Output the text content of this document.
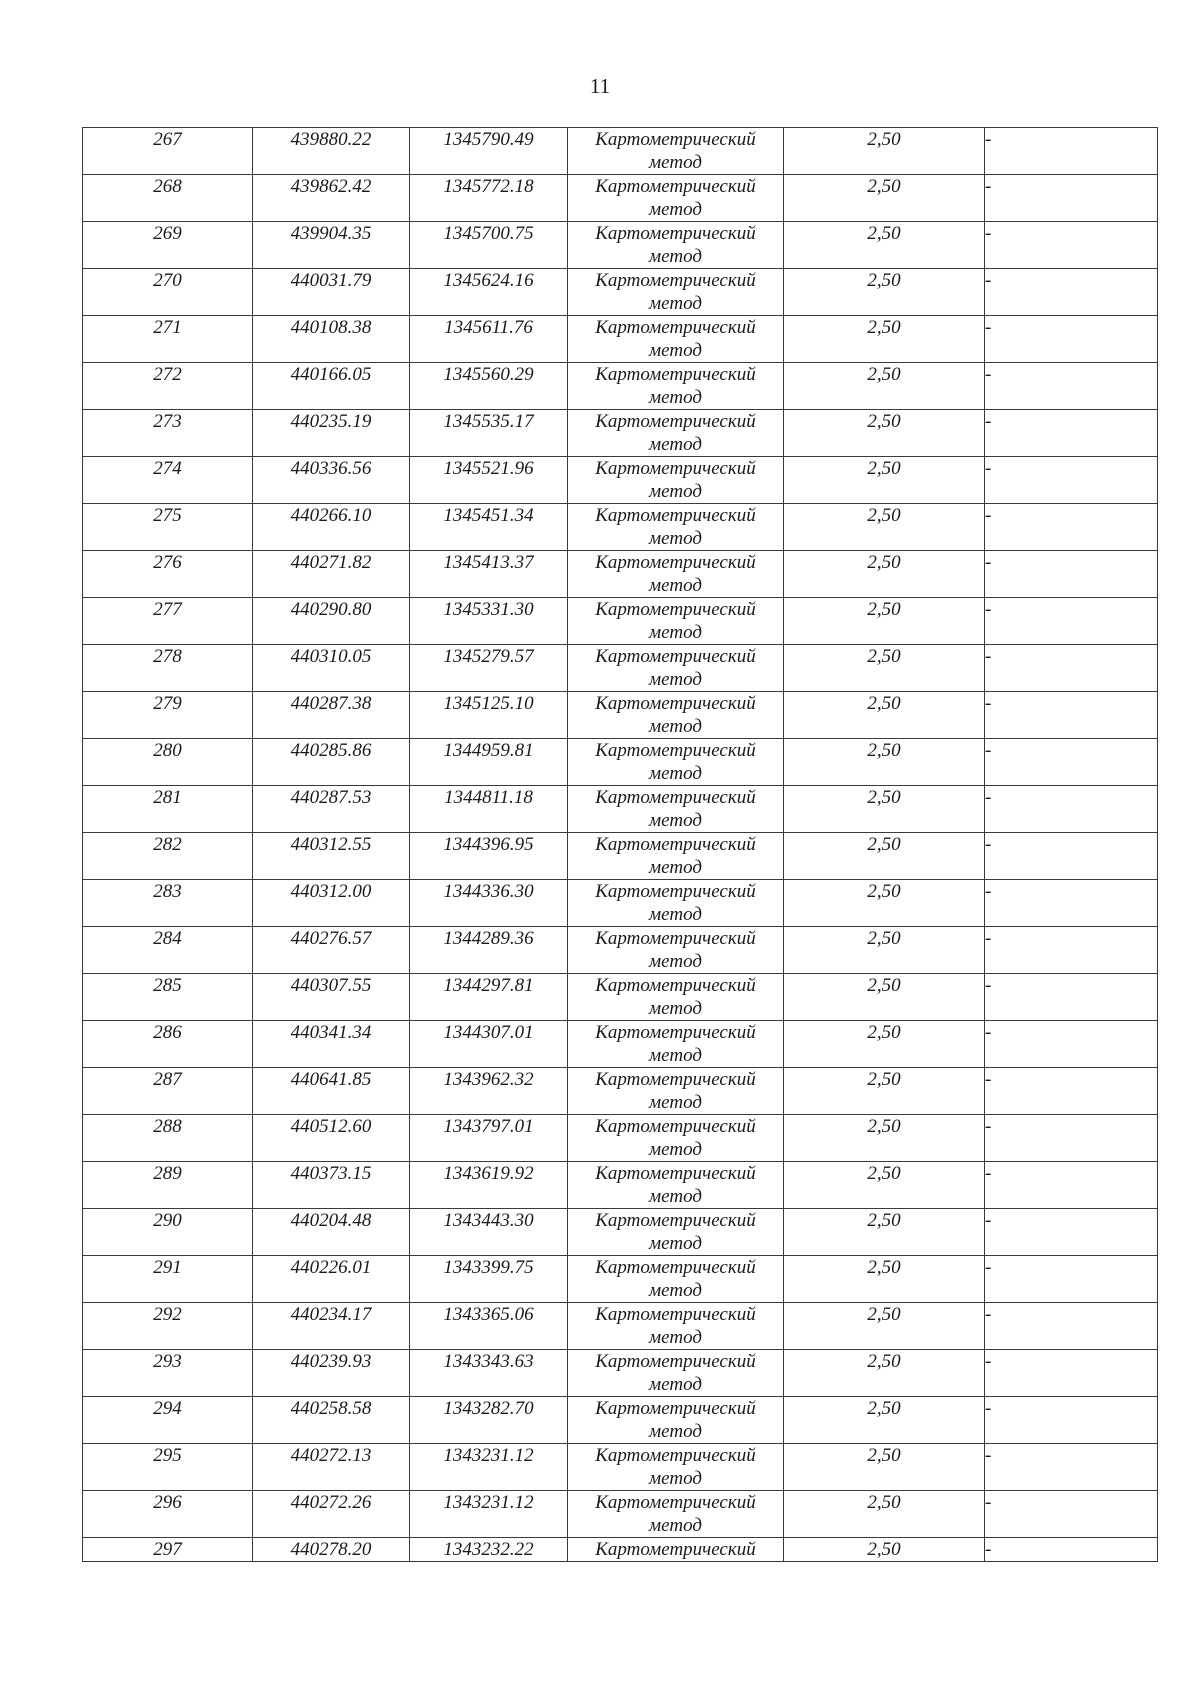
11
267	439880.22	1345790.49	Картометрический метод	2,50	-
268	439862.42	1345772.18	Картометрический метод	2,50	-
269	439904.35	1345700.75	Картометрический метод	2,50	-
270	440031.79	1345624.16	Картометрический метод	2,50	-
271	440108.38	1345611.76	Картометрический метод	2,50	-
272	440166.05	1345560.29	Картометрический метод	2,50	-
273	440235.19	1345535.17	Картометрический метод	2,50	-
274	440336.56	1345521.96	Картометрический метод	2,50	-
275	440266.10	1345451.34	Картометрический метод	2,50	-
276	440271.82	1345413.37	Картометрический метод	2,50	-
277	440290.80	1345331.30	Картометрический метод	2,50	-
278	440310.05	1345279.57	Картометрический метод	2,50	-
279	440287.38	1345125.10	Картометрический метод	2,50	-
280	440285.86	1344959.81	Картометрический метод	2,50	-
281	440287.53	1344811.18	Картометрический метод	2,50	-
282	440312.55	1344396.95	Картометрический метод	2,50	-
283	440312.00	1344336.30	Картометрический метод	2,50	-
284	440276.57	1344289.36	Картометрический метод	2,50	-
285	440307.55	1344297.81	Картометрический метод	2,50	-
286	440341.34	1344307.01	Картометрический метод	2,50	-
287	440641.85	1343962.32	Картометрический метод	2,50	-
288	440512.60	1343797.01	Картометрический метод	2,50	-
289	440373.15	1343619.92	Картометрический метод	2,50	-
290	440204.48	1343443.30	Картометрический метод	2,50	-
291	440226.01	1343399.75	Картометрический метод	2,50	-
292	440234.17	1343365.06	Картометрический метод	2,50	-
293	440239.93	1343343.63	Картометрический метод	2,50	-
294	440258.58	1343282.70	Картометрический метод	2,50	-
295	440272.13	1343231.12	Картометрический метод	2,50	-
296	440272.26	1343231.12	Картометрический метод	2,50	-
297	440278.20	1343232.22	Картометрический	2,50	-
